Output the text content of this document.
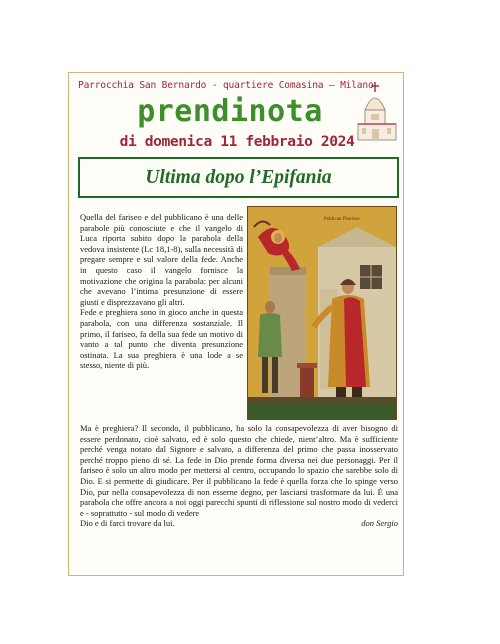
Parrocchia San Bernardo - quartiere Comasina – Milano
prendinota
di domenica 11 febbraio 2024
Ultima dopo l’Epifania

Quella del fariseo e del pubblicano è una delle parabole più conosciute e che il vangelo di Luca riporta subito dopo la parabola della vedova insistente (Lc 18,1-8), sulla necessità di pregare sempre e sul valore della fede. Anche in questo caso il vangelo fornisce la motivazione che origina la parabola: per alcuni che avevano l’intima presunzione di essere giusti e disprezzavano gli altri.

Fede e preghiera sono in gioco anche in questa parabola, con una differenza sostanziale. Il primo, il fariseo, fa della sua fede un motivo di vanto a tal punto che diventa presunzione ostinata. La sua preghiera è una lode a se stesso, niente di più.

Publican Pharisee

Ma è preghiera? Il secondo, il pubblicano, ha solo la consapevolezza di aver bisogno di essere perdonato, cioè salvato, ed è solo questo che chiede, nient’altro. Ma è sufficiente perché venga notato dal Signore e salvato, a differenza del primo che passa inosservato perché troppo pieno di sé. La fede in Dio prende forma diversa nei due personaggi. Per il fariseo è solo un altro modo per mettersi al centro, occupando lo spazio che sarebbe solo di Dio. E si permette di giudicare. Per il pubblicano la fede è quella forza che lo spinge verso Dio, pur nella consapevolezza di non esserne degno, per lasciarsi trasformare da lui. È una parabola che offre ancora a noi oggi parecchi spunti di riflessione sul nostro modo di vederci e - soprattutto - sul modo di vedere

Dio e di farci trovare da lui.	don Sergio
